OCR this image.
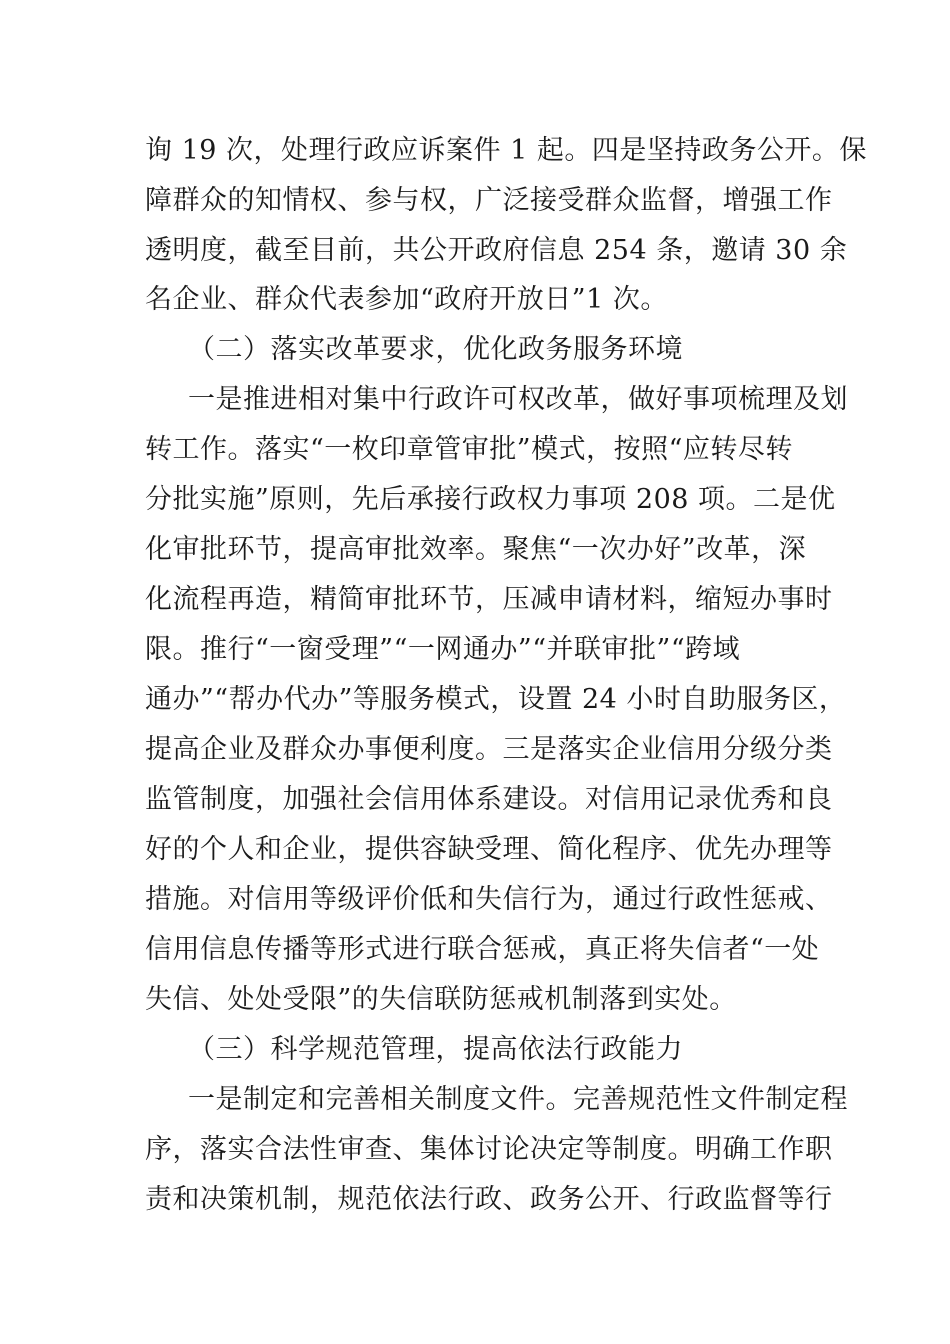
询 19 次，处理行政应诉案件 1 起。四是坚持政务公开。保
障群众的知情权、参与权，广泛接受群众监督，增强工作
透明度，截至目前，共公开政府信息 254 条，邀请 30 余
名企业、群众代表参加“政府开放日”1 次。
（二）落实改革要求，优化政务服务环境
一是推进相对集中行政许可权改革，做好事项梳理及划
转工作。落实“一枚印章管审批”模式，按照“应转尽转
分批实施”原则，先后承接行政权力事项 208 项。二是优
化审批环节，提高审批效率。聚焦“一次办好”改革，深
化流程再造，精简审批环节，压减申请材料，缩短办事时
限。推行“一窗受理”“一网通办”“并联审批”“跨域
通办”“帮办代办”等服务模式，设置 24 小时自助服务区，
提高企业及群众办事便利度。三是落实企业信用分级分类
监管制度，加强社会信用体系建设。对信用记录优秀和良
好的个人和企业，提供容缺受理、简化程序、优先办理等
措施。对信用等级评价低和失信行为，通过行政性惩戒、
信用信息传播等形式进行联合惩戒，真正将失信者“一处
失信、处处受限”的失信联防惩戒机制落到实处。
（三）科学规范管理，提高依法行政能力
一是制定和完善相关制度文件。完善规范性文件制定程
序，落实合法性审查、集体讨论决定等制度。明确工作职
责和决策机制，规范依法行政、政务公开、行政监督等行
